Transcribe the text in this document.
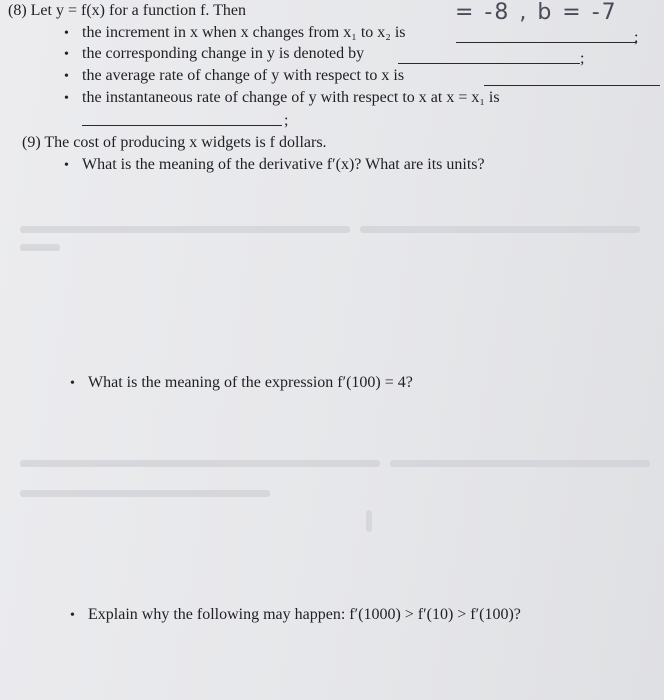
= -8 , b = -7
(8) Let y = f(x) for a function f. Then
• the increment in x when x changes from x₁ to x₂ is	;
• the corresponding change in y is denoted by	;
• the average rate of change of y with respect to x is
• the instantaneous rate of change of y with respect to x at x = x₁ is
;
(9) The cost of producing x widgets is f dollars.
• What is the meaning of the derivative f′(x)? What are its units?
• What is the meaning of the expression f′(100) = 4?
• Explain why the following may happen: f′(1000) > f′(10) > f′(100)?
